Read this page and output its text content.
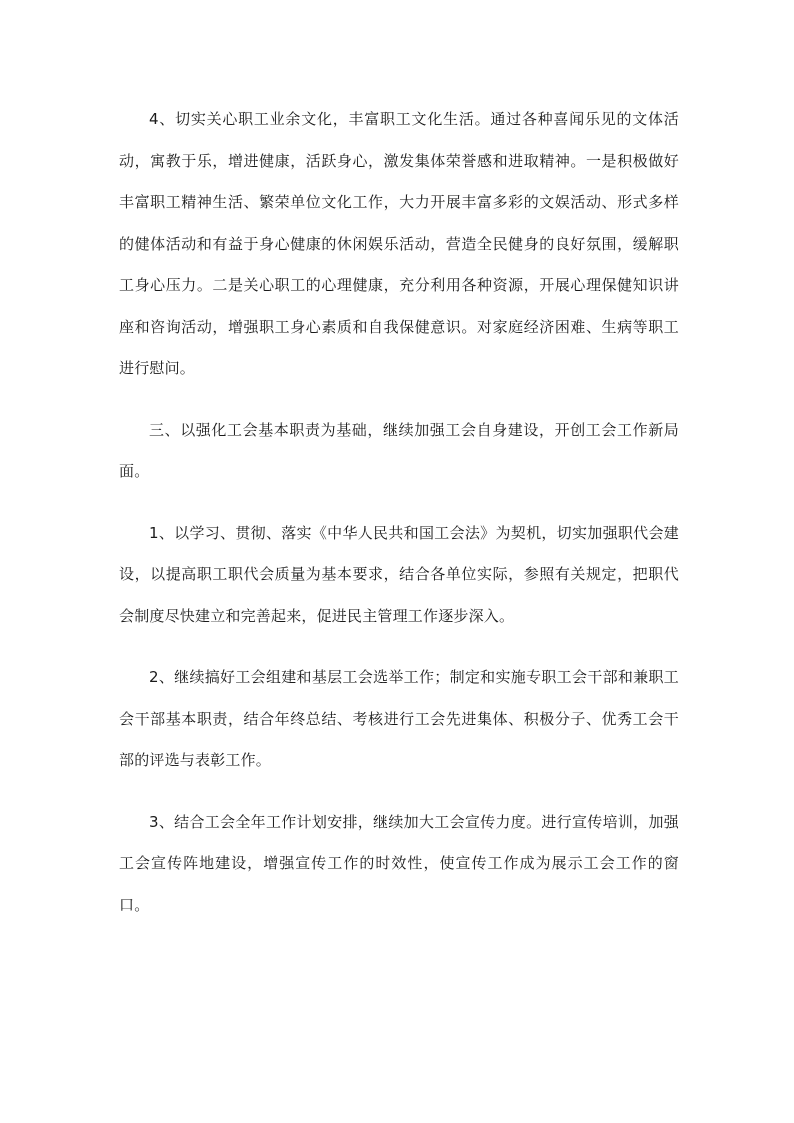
4、切实关心职工业余文化，丰富职工文化生活。通过各种喜闻乐见的文体活动，寓教于乐，增进健康，活跃身心，激发集体荣誉感和进取精神。一是积极做好丰富职工精神生活、繁荣单位文化工作，大力开展丰富多彩的文娱活动、形式多样的健体活动和有益于身心健康的休闲娱乐活动，营造全民健身的良好氛围，缓解职工身心压力。二是关心职工的心理健康，充分利用各种资源，开展心理保健知识讲座和咨询活动，增强职工身心素质和自我保健意识。对家庭经济困难、生病等职工进行慰问。

三、以强化工会基本职责为基础，继续加强工会自身建设，开创工会工作新局面。

1、以学习、贯彻、落实《中华人民共和国工会法》为契机，切实加强职代会建设，以提高职工职代会质量为基本要求，结合各单位实际，参照有关规定，把职代会制度尽快建立和完善起来，促进民主管理工作逐步深入。

2、继续搞好工会组建和基层工会选举工作；制定和实施专职工会干部和兼职工会干部基本职责，结合年终总结、考核进行工会先进集体、积极分子、优秀工会干部的评选与表彰工作。

3、结合工会全年工作计划安排，继续加大工会宣传力度。进行宣传培训，加强工会宣传阵地建设，增强宣传工作的时效性，使宣传工作成为展示工会工作的窗口。
